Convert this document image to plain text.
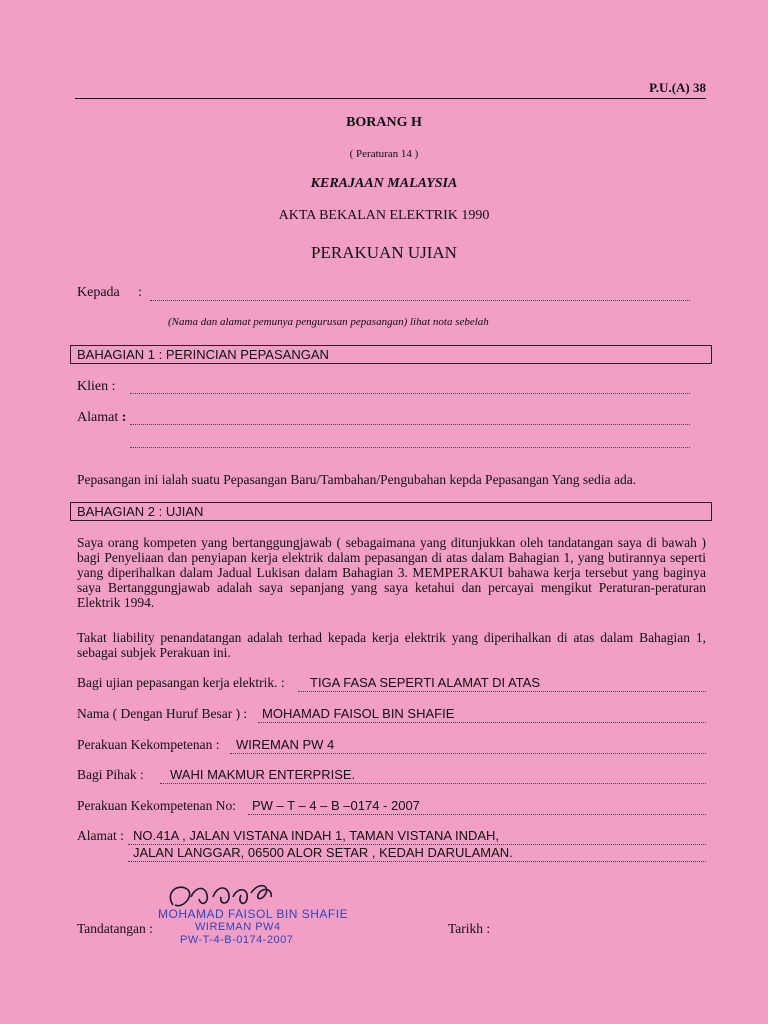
P.U.(A) 38
BORANG H
( Peraturan 14 )
KERAJAAN MALAYSIA
AKTA BEKALAN ELEKTRIK 1990
PERAKUAN UJIAN
Kepada :
(Nama dan alamat pemunya pengurusan pepasangan) lihat nota sebelah
BAHAGIAN 1 : PERINCIAN PEPASANGAN
Klien :
Alamat :
Pepasangan ini ialah suatu Pepasangan Baru/Tambahan/Pengubahan kepda Pepasangan Yang sedia ada.
BAHAGIAN 2 : UJIAN
Saya orang kompeten yang bertanggungjawab ( sebagaimana yang ditunjukkan oleh tandatangan saya di bawah ) bagi Penyeliaan dan penyiapan kerja elektrik dalam pepasangan di atas dalam Bahagian 1, yang butirannya seperti yang diperihalkan dalam Jadual Lukisan dalam Bahagian 3. MEMPERAKUI bahawa kerja tersebut yang baginya saya Bertanggungjawab adalah saya sepanjang yang saya ketahui dan percayai mengikut Peraturan-peraturan Elektrik 1994.
Takat liability penandatangan adalah terhad kepada kerja elektrik yang diperihalkan di atas dalam Bahagian 1, sebagai subjek Perakuan ini.
Bagi ujian pepasangan kerja elektrik. : TIGA FASA SEPERTI ALAMAT DI ATAS
Nama ( Dengan Huruf Besar ) : MOHAMAD FAISOL BIN SHAFIE
Perakuan Kekompetenan : WIREMAN PW 4
Bagi Pihak : WAHI MAKMUR ENTERPRISE.
Perakuan Kekompetenan No: PW – T – 4 – B –0174 - 2007
Alamat : NO.41A , JALAN VISTANA INDAH 1, TAMAN VISTANA INDAH,
JALAN LANGGAR, 06500 ALOR SETAR , KEDAH DARULAMAN.
MOHAMAD FAISOL BIN SHAFIE
WIREMAN PW4
PW-T-4-B-0174-2007
Tandatangan :	Tarikh :
